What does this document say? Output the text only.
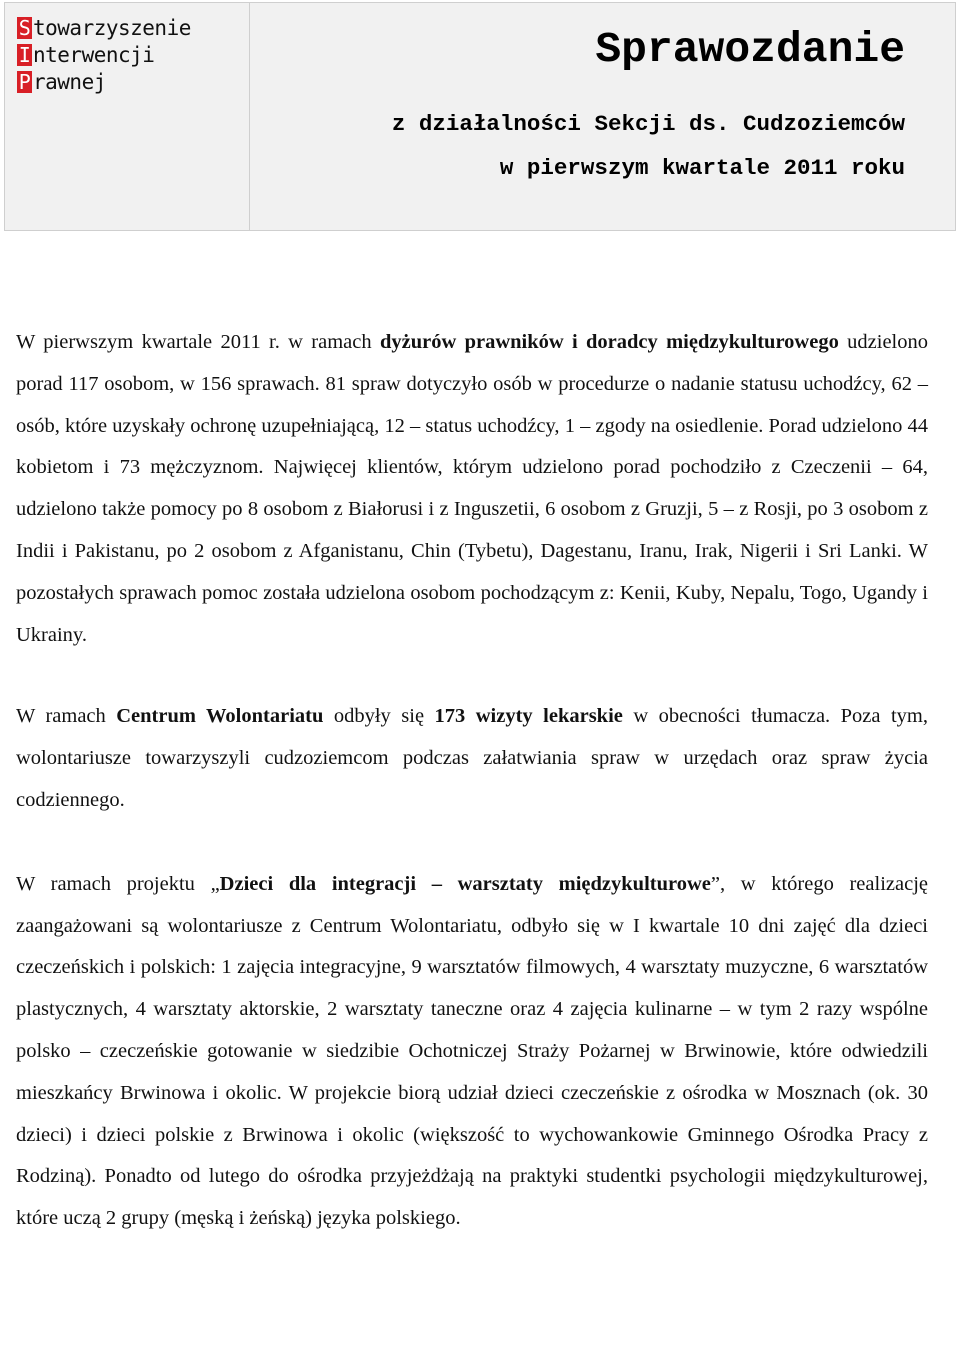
S towarzyszenie
I nterwencji
P rawnej
Sprawozdanie

z działalności Sekcji ds. Cudzoziemców

w pierwszym kwartale 2011 roku

W pierwszym kwartale 2011 r. w ramach dyżurów prawników i doradcy międzykulturowego udzielono porad 117 osobom, w 156 sprawach. 81 spraw dotyczyło osób w procedurze o nadanie statusu uchodźcy, 62 – osób, które uzyskały ochronę uzupełniającą, 12 – status uchodźcy, 1 – zgody na osiedlenie. Porad udzielono 44 kobietom i 73 mężczyznom. Najwięcej klientów, którym udzielono porad pochodziło z Czeczenii – 64, udzielono także pomocy po 8 osobom z Białorusi i z Inguszetii, 6 osobom z Gruzji, 5 – z Rosji, po 3 osobom z Indii i Pakistanu, po 2 osobom z Afganistanu, Chin (Tybetu), Dagestanu, Iranu, Irak, Nigerii i Sri Lanki. W pozostałych sprawach pomoc została udzielona osobom pochodzącym z: Kenii, Kuby, Nepalu, Togo, Ugandy i Ukrainy.

W ramach Centrum Wolontariatu odbyły się 173 wizyty lekarskie w obecności tłumacza. Poza tym, wolontariusze towarzyszyli cudzoziemcom podczas załatwiania spraw w urzędach oraz spraw życia codziennego.

W ramach projektu „Dzieci dla integracji – warsztaty międzykulturowe”, w którego realizację zaangażowani są wolontariusze z Centrum Wolontariatu, odbyło się w I kwartale 10 dni zajęć dla dzieci czeczeńskich i polskich: 1 zajęcia integracyjne, 9 warsztatów filmowych, 4 warsztaty muzyczne, 6 warsztatów plastycznych, 4 warsztaty aktorskie, 2 warsztaty taneczne oraz 4 zajęcia kulinarne – w tym 2 razy wspólne polsko – czeczeńskie gotowanie w siedzibie Ochotniczej Straży Pożarnej w Brwinowie, które odwiedzili mieszkańcy Brwinowa i okolic. W projekcie biorą udział dzieci czeczeńskie z ośrodka w Mosznach (ok. 30 dzieci) i dzieci polskie z Brwinowa i okolic (większość to wychowankowie Gminnego Ośrodka Pracy z Rodziną). Ponadto od lutego do ośrodka przyjeżdżają na praktyki studentki psychologii międzykulturowej, które uczą 2 grupy (męską i żeńską) języka polskiego.
